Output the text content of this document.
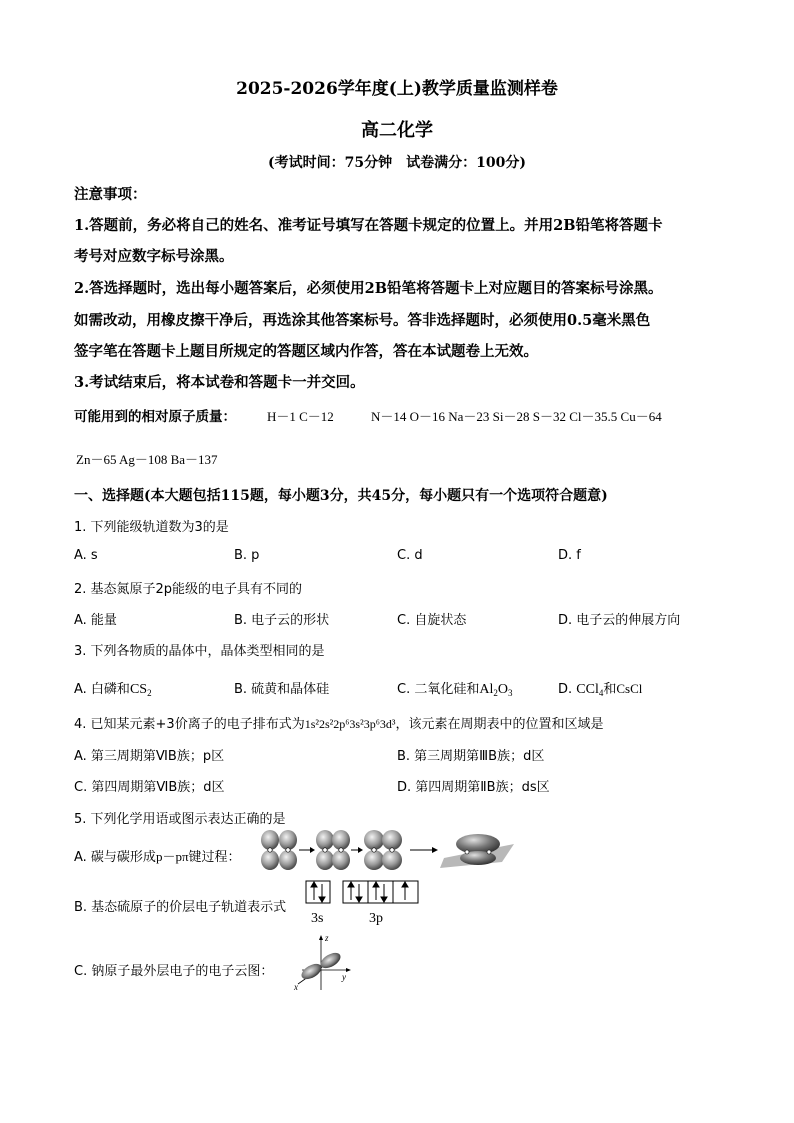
2025-2026学年度(上)教学质量监测样卷
高二化学
(考试时间：75分钟　试卷满分：100分)
注意事项：
1.答题前，务必将自己的姓名、准考证号填写在答题卡规定的位置上。并用2B铅笔将答题卡
考号对应数字标号涂黑。
2.答选择题时，选出每小题答案后，必须使用2B铅笔将答题卡上对应题目的答案标号涂黑。
如需改动，用橡皮擦干净后，再选涂其他答案标号。答非选择题时，必须使用0.5毫米黑色
签字笔在答题卡上题目所规定的答题区域内作答，答在本试题卷上无效。
3.考试结束后，将本试卷和答题卡一并交回。
可能用到的相对原子质量： H－1 C－12	N－14 O－16 Na－23 Si－28 S－32 Cl－35.5 Cu－64
Zn－65 Ag－108 Ba－137
一、选择题(本大题包括115题，每小题3分，共45分，每小题只有一个选项符合题意)
1. 下列能级轨道数为3的是
A. s	B. p	C. d	D. f
2. 基态氮原子2p能级的电子具有不同的
A. 能量	B. 电子云的形状	C. 自旋状态	D. 电子云的伸展方向
3. 下列各物质的晶体中，晶体类型相同的是
A. 白磷和$CS_2$	B. 硫黄和晶体硅	C. 二氧化硅和$Al_2O_3$	D. CCl$_4$和CsCl
4. 已知某元素+3价离子的电子排布式为1s²2s²2p⁶3s²3p⁶3d³，该元素在周期表中的位置和区域是
A. 第三周期第ⅥB族；p区	B. 第三周期第ⅢB族；d区
C. 第四周期第ⅥB族；d区	D. 第四周期第ⅡB族；ds区
5. 下列化学用语或图示表达正确的是
A. 碳与碳形成p－pπ键过程：
B. 基态硫原子的价层电子轨道表示式
3s	3p
C. 钠原子最外层电子的电子云图：
z
y
x
